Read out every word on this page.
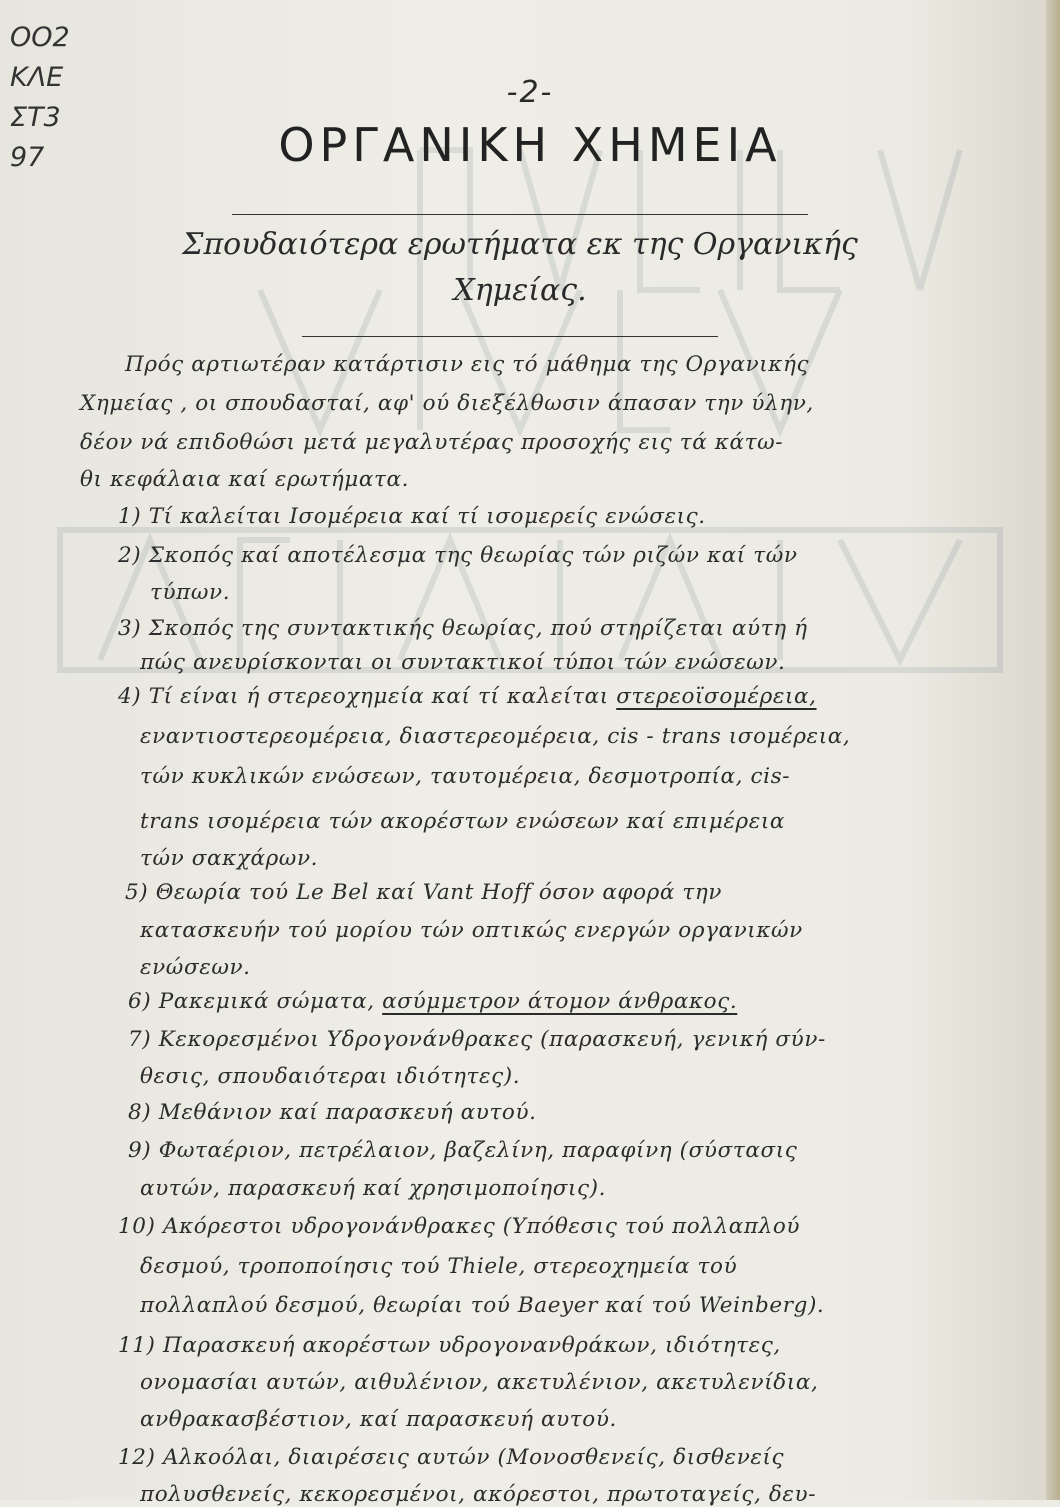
ΟΟ2
ΚΛΕ
ΣΤ3
97
-2-
ΟΡΓΑΝΙΚΗ ΧΗΜΕΙΑ
Σπουδαιότερα ερωτήματα εκ της Οργανικής
Χημείας.
Πρός αρτιωτέραν κατάρτισιν εις τό μάθημα της Οργανικής
Χημείας , οι σπουδασταί, αφ' ού διεξέλθωσιν άπασαν την ύλην,
δέον νά επιδοθώσι μετά μεγαλυτέρας προσοχής εις τά κάτω-
θι κεφάλαια καί ερωτήματα.
1) Τί καλείται Ισομέρεια καί τί ισομερείς ενώσεις.
2) Σκοπός καί αποτέλεσμα της θεωρίας τών ριζών καί τών
τύπων.
3) Σκοπός της συντακτικής θεωρίας, πού στηρίζεται αύτη ή
πώς ανευρίσκονται οι συντακτικοί τύποι τών ενώσεων.
4) Τί είναι ή στερεοχημεία καί τί καλείται στερεοϊσομέρεια,
εναντιοστερεομέρεια, διαστερεομέρεια, cis - trans ισομέρεια,
τών κυκλικών ενώσεων, ταυτομέρεια, δεσμοτροπία, cis-
trans ισομέρεια τών ακορέστων ενώσεων καί επιμέρεια
τών σακχάρων.
5) Θεωρία τού Le Bel καί Vant Hoff όσον αφορά την
κατασκευήν τού μορίου τών οπτικώς ενεργών οργανικών
ενώσεων.
6) Ρακεμικά σώματα, ασύμμετρον άτομον άνθρακος.
7) Κεκορεσμένοι Υδρογονάνθρακες (παρασκευή, γενική σύν-
θεσις, σπουδαιότεραι ιδιότητες).
8) Μεθάνιον καί παρασκευή αυτού.
9) Φωταέριον, πετρέλαιον, βαζελίνη, παραφίνη (σύστασις
αυτών, παρασκευή καί χρησιμοποίησις).
10) Ακόρεστοι υδρογονάνθρακες (Υπόθεσις τού πολλαπλού
δεσμού, τροποποίησις τού Thiele, στερεοχημεία τού
πολλαπλού δεσμού, θεωρίαι τού Baeyer καί τού Weinberg).
11) Παρασκευή ακορέστων υδρογονανθράκων, ιδιότητες,
ονομασίαι αυτών, αιθυλένιον, ακετυλένιον, ακετυλενίδια,
ανθρακασβέστιον, καί παρασκευή αυτού.
12) Αλκοόλαι, διαιρέσεις αυτών (Μονοσθενείς, δισθενείς
πολυσθενείς, κεκορεσμένοι, ακόρεστοι, πρωτοταγείς, δευ-
